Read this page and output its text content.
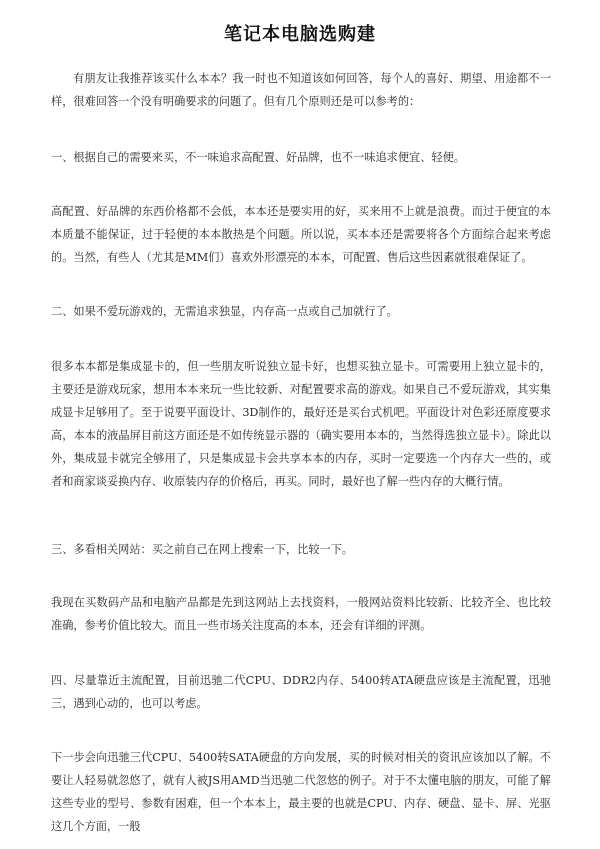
笔记本电脑选购建

有朋友让我推荐该买什么本本？我一时也不知道该如何回答，每个人的喜好、期望、用途都不一样，很难回答一个没有明确要求的问题了。但有几个原则还是可以参考的：

一、根据自己的需要来买，不一味追求高配置、好品牌，也不一味追求便宜、轻便。

高配置、好品牌的东西价格都不会低，本本还是要实用的好，买来用不上就是浪费。而过于便宜的本本质量不能保证，过于轻便的本本散热是个问题。所以说，买本本还是需要将各个方面综合起来考虑的。当然，有些人（尤其是MM们）喜欢外形漂亮的本本，可配置、售后这些因素就很难保证了。

二、如果不爱玩游戏的，无需追求独显，内存高一点或自己加就行了。

很多本本都是集成显卡的，但一些朋友听说独立显卡好，也想买独立显卡。可需要用上独立显卡的，主要还是游戏玩家，想用本本来玩一些比较新、对配置要求高的游戏。如果自己不爱玩游戏，其实集成显卡足够用了。至于说要平面设计、3D制作的，最好还是买台式机吧。平面设计对色彩还原度要求高，本本的液晶屏目前这方面还是不如传统显示器的（确实要用本本的，当然得选独立显卡）。除此以外，集成显卡就完全够用了，只是集成显卡会共享本本的内存，买时一定要选一个内存大一些的，或者和商家谈妥换内存、收原装内存的价格后，再买。同时，最好也了解一些内存的大概行情。

三、多看相关网站：买之前自己在网上搜索一下，比较一下。

我现在买数码产品和电脑产品都是先到这网站上去找资料，一般网站资料比较新、比较齐全、也比较准确，参考价值比较大。而且一些市场关注度高的本本，还会有详细的评测。

四、尽量靠近主流配置，目前迅驰二代CPU、DDR2内存、5400转ATA硬盘应该是主流配置，迅驰三，遇到心动的，也可以考虑。

下一步会向迅驰三代CPU、5400转SATA硬盘的方向发展，买的时候对相关的资讯应该加以了解。不要让人轻易就忽悠了，就有人被JS用AMD当迅驰二代忽悠的例子。对于不太懂电脑的朋友，可能了解这些专业的型号、参数有困难，但一个本本上，最主要的也就是CPU、内存、硬盘、显卡、屏、光驱这几个方面，一般
